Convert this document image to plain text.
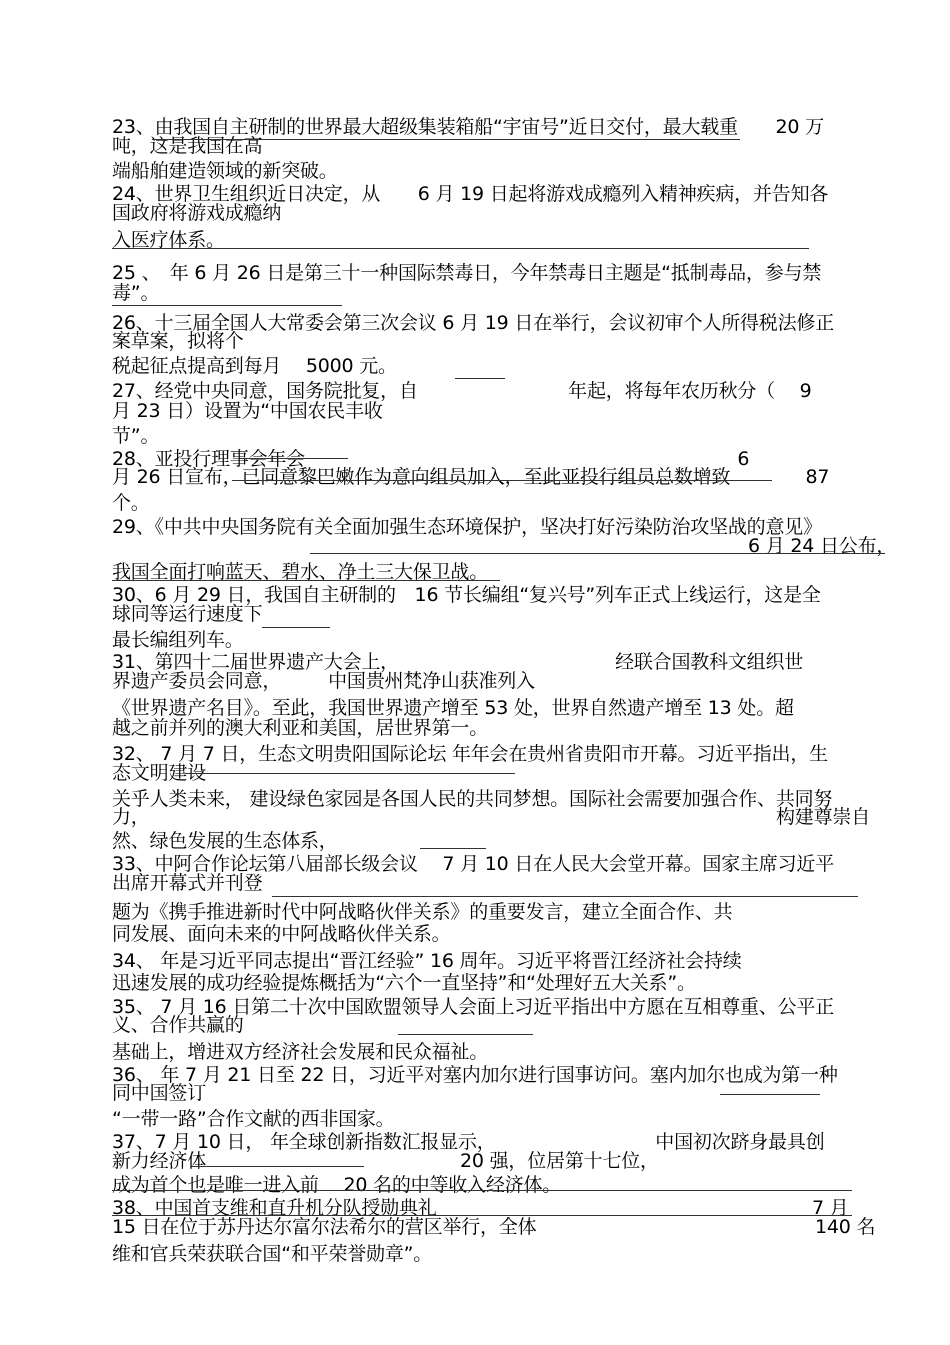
23、由我国自主研制的世界最大超级集装箱船“宇宙号”近日交付，最大载重　　20 万
吨，这是我国在高
端船舶建造领域的新突破。
24、世界卫生组织近日决定，从　　6 月 19 日起将游戏成瘾列入精神疾病，并告知各
国政府将游戏成瘾纳
入医疗体系。
25 、　年 6 月 26 日是第三十一种国际禁毒日，今年禁毒日主题是“抵制毒品，参与禁
毒”。
26、十三届全国人大常委会第三次会议 6 月 19 日在举行，会议初审个人所得税法修正
案草案，拟将个
税起征点提高到每月　 5000 元。
27、经党中央同意，国务院批复，自　　　　　　　　年起，将每年农历秋分（　 9
月 23 日）设置为“中国农民丰收
节”。
28、亚投行理事会年会　　　　　　　　　　　　　　　　　　　　　　　6
月 26 日宣布，已同意黎巴嫩作为意向组员加入，至此亚投行组员总数增致　　　　87
个。
29、《中共中央国务院有关全面加强生态环境保护，坚决打好污染防治攻坚战的意见》
6 月 24 日公布，
我国全面打响蓝天、碧水、净土三大保卫战。
30、6 月 29 日，我国自主研制的　16 节长编组“复兴号”列车正式上线运行，这是全
球同等运行速度下
最长编组列车。
31、第四十二届世界遗产大会上，　　　　　　　　　　　　经联合国教科文组织世
界遗产委员会同意，　　　中国贵州梵净山获准列入
《世界遗产名目》。至此，我国世界遗产增至 53 处，世界自然遗产增至 13 处。超
越之前并列的澳大利亚和美国，居世界第一。
32、 7 月 7 日，生态文明贵阳国际论坛 年年会在贵州省贵阳市开幕。习近平指出，生
态文明建设
关乎人类未来， 建设绿色家园是各国人民的共同梦想。国际社会需要加强合作、共同努
力，	构建尊崇自
然、绿色发展的生态体系，
33、中阿合作论坛第八届部长级会议　 7 月 10 日在人民大会堂开幕。国家主席习近平
出席开幕式并刊登
题为《携手推进新时代中阿战略伙伴关系》的重要发言，建立全面合作、共
同发展、面向未来的中阿战略伙伴关系。
34、 年是习近平同志提出“晋江经验” 16 周年。习近平将晋江经济社会持续
迅速发展的成功经验提炼概括为“六个一直坚持”和“处理好五大关系”。
35、 7 月 16 日第二十次中国欧盟领导人会面上习近平指出中方愿在互相尊重、公平正
义、合作共赢的
基础上，增进双方经济社会发展和民众福祉。
36、 年 7 月 21 日至 22 日，习近平对塞内加尔进行国事访问。塞内加尔也成为第一种
同中国签订
“一带一路”合作文献的西非国家。
37、7 月 10 日， 年全球创新指数汇报显示，　　　　　　　　　中国初次跻身最具创
新力经济体	20 强，位居第十七位，
成为首个也是唯一进入前　 20 名的中等收入经济体。
38、中国首支维和直升机分队授勋典礼	7 月
15 日在位于苏丹达尔富尔法希尔的营区举行，全体	140 名
维和官兵荣获联合国“和平荣誉勋章”。
